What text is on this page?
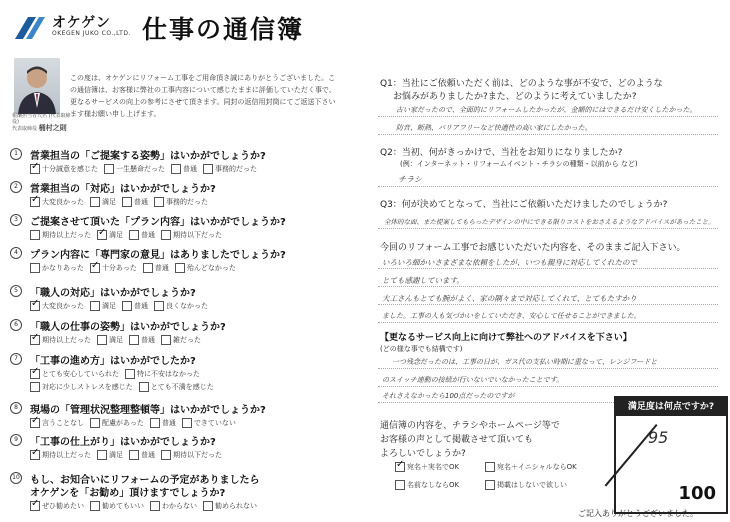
オケゲン
OKEGEN JUKO CO.,LTD. 仕事の通信簿
報酬担当者氏名 (代表取締役)
代表取締役 桶村之則
この度は、オケゲンにリフォーム工事をご用命頂き誠にありがとうございました。この通信簿は、お客様に弊社の工事内容について感じたままに評価していただく事で、更なるサービスの向上の参考にさせて頂きます。同封の返信用封筒にてご返送下さいます様お願い申し上げます。
1	営業担当の「ご提案する姿勢」はいかがでしょうか?
✓
十分誠意を感じた	一生懸命だった	普通	事務的だった
2	営業担当の「対応」はいかがでしょうか?
✓
大変良かった	満足	普通	事務的だった
3	ご提案させて頂いた「プラン内容」はいかがでしょうか?
期待以上だった ✓	満足	普通	期待以下だった
4	プラン内容に「専門家の意見」はありましたでしょうか?
かなりあった ✓	十分あった	普通	殆んどなかった
5	「職人の対応」はいかがでしょうか?
✓
大変良かった	満足	普通	良くなかった
6	「職人の仕事の姿勢」はいかがでしょうか?
✓
期待以上だった	満足	普通	雑だった
7	「工事の進め方」はいかがでしたか?
✓
とても安心していられた	特に不安はなかった
対応に少しストレスを感じた	とても不満を感じた
8	現場の「管理状況整理整頓等」はいかがでしょうか?
✓
言うことなし	配慮があった	普通	できていない
9	「工事の仕上がり」はいかがでしょうか?
✓
期待以上だった	満足	普通	期待以下だった
10 もし、お知合いにリフォームの予定がありましたら
オケゲンを「お勧め」頂けますでしょうか?
✓
ぜひ勧めたい	勧めてもいい	わからない	勧められない
Q1：当社にご依頼いただく前は、どのような事が不安で、どのような
お悩みがありましたか?また、どのように考えていましたか?
古い家だったので、全面的にリフォームしたかったが、金額的にはできるだけ安くしたかった。
防音、断熱、バリアフリーなど快適性の高い家にしたかった。
Q2：当初、何がきっかけで、当社をお知りになりましたか?
(例：インターネット・リフォームイベント・チラシの種類・以前から など)
チラシ
Q3：何が決めてとなって、当社にご依頼いただけましたのでしょうか?
全体的な面、また提案してもらったデザインの中にできる限りコストをおさえるようなアドバイスがあったこと。
今回のリフォーム工事でお感じいただいた内容を、そのままご記入下さい。
いろいろ細かいさまざまな依頼をしたが、いつも親身に対応してくれたので
とても感謝しています。
大工さんもとても腕がよく、家の隅々まで対応してくれて、とてもたすかり
ました。工事の人も気づかいをしていただき、安心して任せることができました。
【更なるサービス向上に向けて弊社へのアドバイスを下さい】
(どの様な事でも結構です)
一つ残念だったのは、工事の日が、ガス代の支払い時期に重なって、レンジフードと
のスイッチ連動の接続が行いないでいなかったことです。
それさえなかったら100点だったのですが
通信簿の内容を、チラシやホームページ等で
お客様の声として掲載させて頂いても
よろしいでしょうか?
✓
宛名＋実名でOK	宛名＋イニシャルならOK
名前なしならOK	掲載はしないで欲しい
ご記入ありがとうございました。
満足度は何点ですか?
95
100
